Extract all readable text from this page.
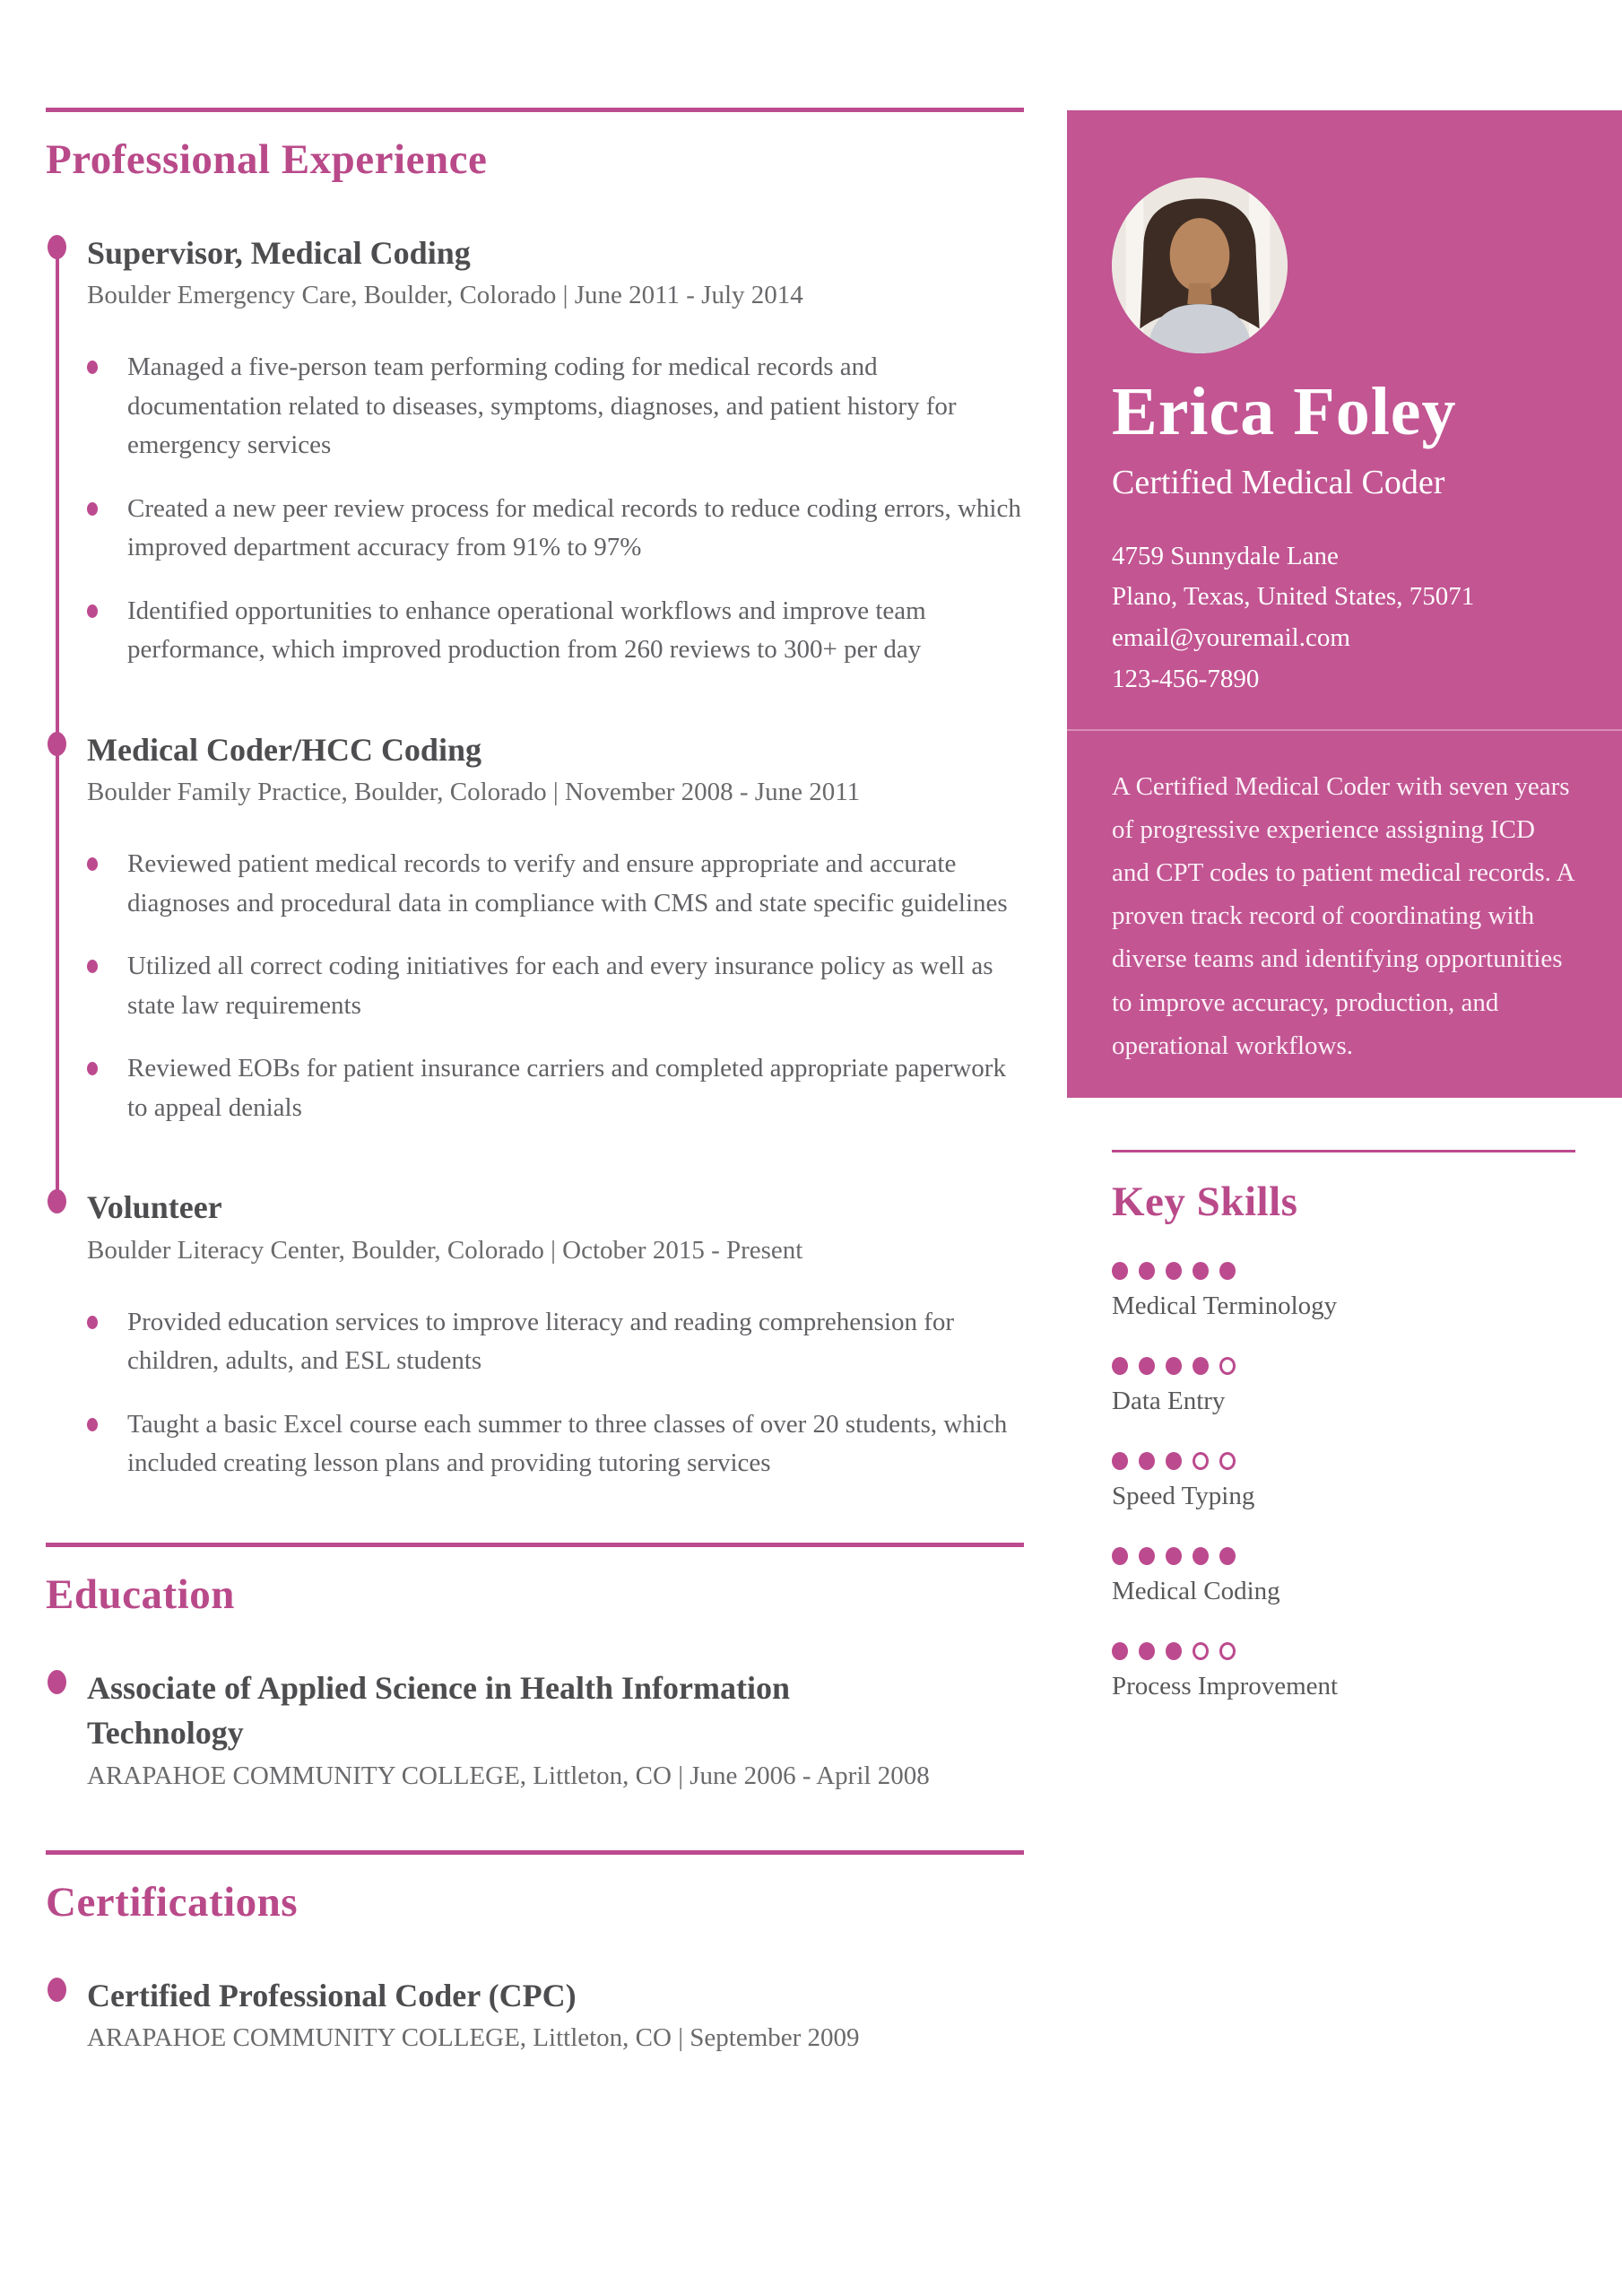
Professional Experience
Supervisor, Medical Coding
Boulder Emergency Care, Boulder, Colorado | June 2011 - July 2014
Managed a five-person team performing coding for medical records and documentation related to diseases, symptoms, diagnoses, and patient history for emergency services
Created a new peer review process for medical records to reduce coding errors, which improved department accuracy from 91% to 97%
Identified opportunities to enhance operational workflows and improve team performance, which improved production from 260 reviews to 300+ per day
Medical Coder/HCC Coding
Boulder Family Practice, Boulder, Colorado | November 2008 - June 2011
Reviewed patient medical records to verify and ensure appropriate and accurate diagnoses and procedural data in compliance with CMS and state specific guidelines
Utilized all correct coding initiatives for each and every insurance policy as well as state law requirements
Reviewed EOBs for patient insurance carriers and completed appropriate paperwork to appeal denials
Volunteer
Boulder Literacy Center, Boulder, Colorado | October 2015 - Present
Provided education services to improve literacy and reading comprehension for children, adults, and ESL students
Taught a basic Excel course each summer to three classes of over 20 students, which included creating lesson plans and providing tutoring services
Education
Associate of Applied Science in Health Information Technology
ARAPAHOE COMMUNITY COLLEGE, Littleton, CO | June 2006 - April 2008
Certifications
Certified Professional Coder (CPC)
ARAPAHOE COMMUNITY COLLEGE, Littleton, CO | September 2009
Erica Foley
Certified Medical Coder
4759 Sunnydale Lane
Plano, Texas, United States, 75071
email@youremail.com
123-456-7890
A Certified Medical Coder with seven years of progressive experience assigning ICD and CPT codes to patient medical records. A proven track record of coordinating with diverse teams and identifying opportunities to improve accuracy, production, and operational workflows.
Key Skills
Medical Terminology
Data Entry
Speed Typing
Medical Coding
Process Improvement
